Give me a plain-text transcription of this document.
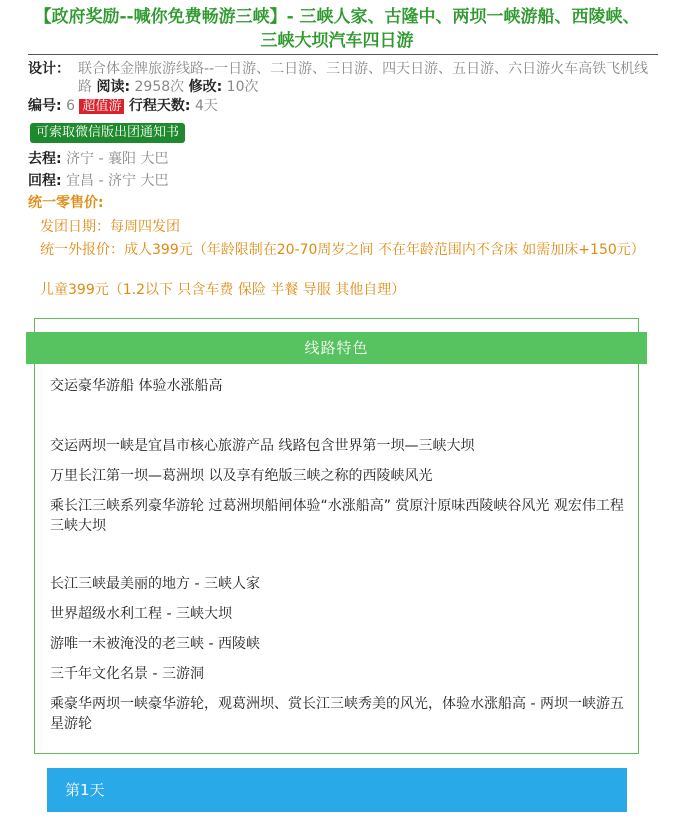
【政府奖励--喊你免费畅游三峡】- 三峡人家、古隆中、两坝一峡游船、西陵峡、三峡大坝汽车四日游
设计： 联合体金牌旅游线路--一日游、二日游、三日游、四天日游、五日游、六日游火车高铁飞机线路 阅读: 2958次 修改: 10次
编号: 6 超值游 行程天数: 4天
可索取微信版出团通知书
去程: 济宁 - 襄阳 大巴
回程: 宜昌 - 济宁 大巴
统一零售价:
发团日期：每周四发团
统一外报价：成人399元（年龄限制在20-70周岁之间 不在年龄范围内不含床 如需加床+150元）
儿童399元（1.2以下 只含车费 保险 半餐 导服 其他自理）
线路特色
交运豪华游船 体验水涨船高
交运两坝一峡是宜昌市核心旅游产品 线路包含世界第一坝—三峡大坝
万里长江第一坝—葛洲坝 以及享有绝版三峡之称的西陵峡风光
乘长江三峡系列豪华游轮 过葛洲坝船闸体验“水涨船高” 赏原汁原味西陵峡谷风光 观宏伟工程三峡大坝
长江三峡最美丽的地方 - 三峡人家
世界超级水利工程 - 三峡大坝
游唯一未被淹没的老三峡 - 西陵峡
三千年文化名景 - 三游洞
乘豪华两坝一峡豪华游轮，观葛洲坝、赏长江三峡秀美的风光，体验水涨船高 - 两坝一峡游五星游轮
第1天
